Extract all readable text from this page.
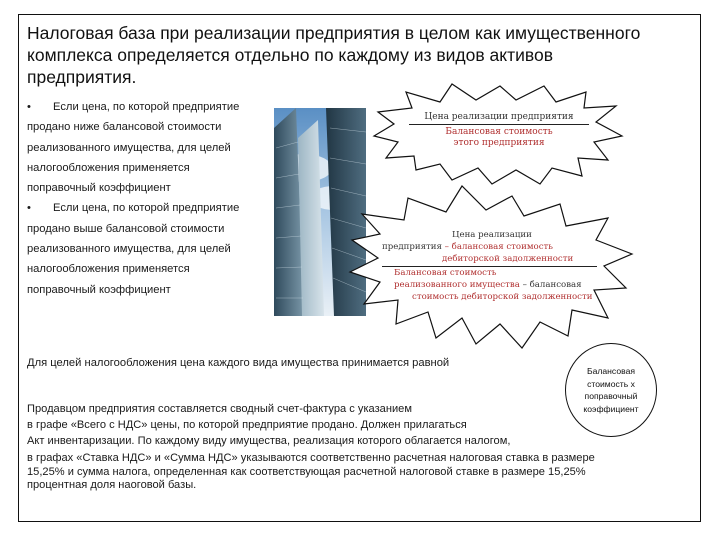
Налоговая база при реализации предприятия в целом как имущественного
комплекса определяется отдельно по каждому из видов активов
предприятия.

• Если цена, по которой предприятие

продано ниже балансовой стоимости

реализованного имущества, для целей

налогообложения применяется

поправочный коэффициент

• Если цена, по которой предприятие

продано выше балансовой стоимости

реализованного имущества, для целей

налогообложения применяется

поправочный коэффициент

Цена реализации предприятия
Балансовая стоимость
этого предприятия
Цена реализации
предприятия – балансовая стоимость
дебиторской задолженности
Балансовая стоимость
реализованного имущества – балансовая
стоимость дебиторской задолженности
Балансовая
стоимость х
поправочный
коэффициент
Для целей налогообложения цена каждого вида имущества принимается равной

Продавцом предприятия составляется сводный счет-фактура с указанием

в графе «Всего с НДС» цены, по которой предприятие продано. Должен прилагаться

Акт инвентаризации. По каждому виду имущества, реализация которого облагается налогом,

в графах «Ставка НДС» и «Сумма НДС» указываются соответственно расчетная налоговая ставка в размере

15,25% и сумма налога, определенная как соответствующая расчетной налоговой ставке в размере 15,25%

процентная доля наоговой базы.
